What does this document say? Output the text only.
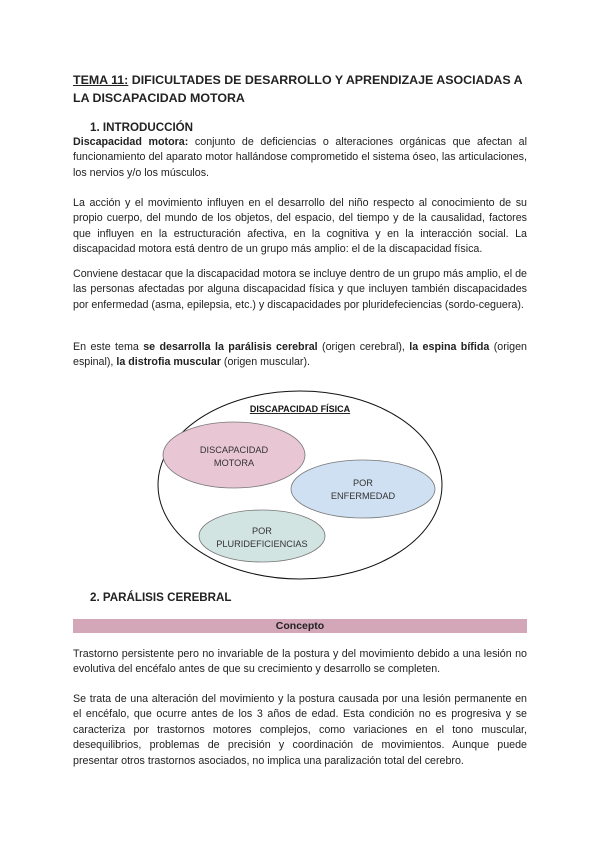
TEMA 11: DIFICULTADES DE DESARROLLO Y APRENDIZAJE ASOCIADAS A LA DISCAPACIDAD MOTORA
1. INTRODUCCIÓN
Discapacidad motora: conjunto de deficiencias o alteraciones orgánicas que afectan al funcionamiento del aparato motor hallándose comprometido el sistema óseo, las articulaciones, los nervios y/o los músculos.
La acción y el movimiento influyen en el desarrollo del niño respecto al conocimiento de su propio cuerpo, del mundo de los objetos, del espacio, del tiempo y de la causalidad, factores que influyen en la estructuración afectiva, en la cognitiva y en la interacción social. La discapacidad motora está dentro de un grupo más amplio: el de la discapacidad física.
Conviene destacar que la discapacidad motora se incluye dentro de un grupo más amplio, el de las personas afectadas por alguna discapacidad física y que incluyen también discapacidades por enfermedad (asma, epilepsia, etc.) y discapacidades por pluridefeciencias (sordo-ceguera).
En este tema se desarrolla la parálisis cerebral (origen cerebral), la espina bífida (origen espinal), la distrofia muscular (origen muscular).
DISCAPACIDAD FÍSICA
DISCAPACIDAD
MOTORA
POR
ENFERMEDAD
POR
PLURIDEFICIENCIAS
2. PARÁLISIS CEREBRAL
Concepto
Trastorno persistente pero no invariable de la postura y del movimiento debido a una lesión no evolutiva del encéfalo antes de que su crecimiento y desarrollo se completen.
Se trata de una alteración del movimiento y la postura causada por una lesión permanente en el encéfalo, que ocurre antes de los 3 años de edad. Esta condición no es progresiva y se caracteriza por trastornos motores complejos, como variaciones en el tono muscular, desequilibrios, problemas de precisión y coordinación de movimientos. Aunque puede presentar otros trastornos asociados, no implica una paralización total del cerebro.
